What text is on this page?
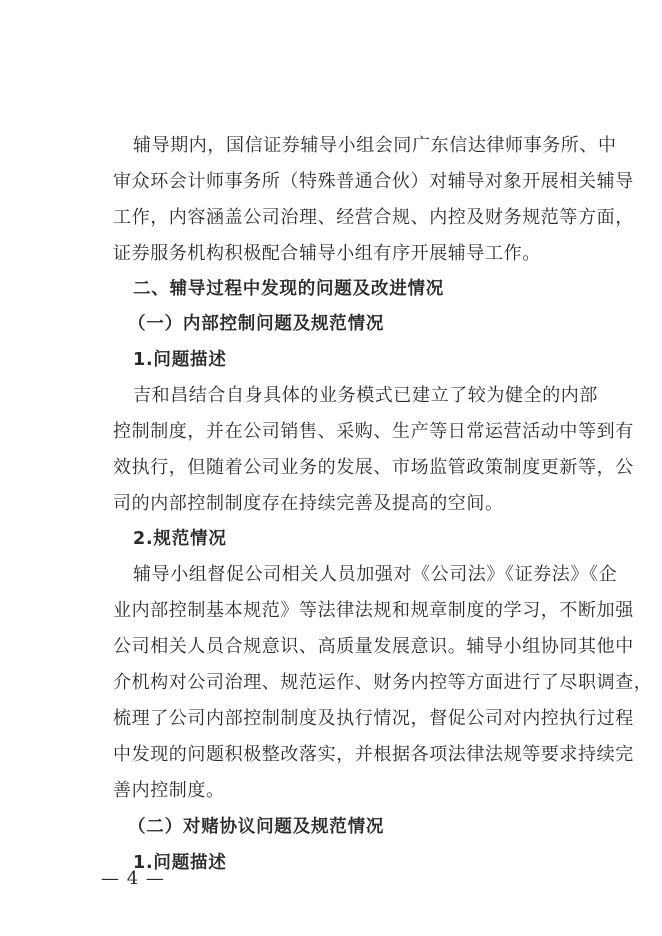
辅导期内，国信证券辅导小组会同广东信达律师事务所、中
审众环会计师事务所（特殊普通合伙）对辅导对象开展相关辅导
工作，内容涵盖公司治理、经营合规、内控及财务规范等方面，
证券服务机构积极配合辅导小组有序开展辅导工作。
二、辅导过程中发现的问题及改进情况
（一）内部控制问题及规范情况
1.问题描述
吉和昌结合自身具体的业务模式已建立了较为健全的内部
控制制度，并在公司销售、采购、生产等日常运营活动中等到有
效执行，但随着公司业务的发展、市场监管政策制度更新等，公
司的内部控制制度存在持续完善及提高的空间。
2.规范情况
辅导小组督促公司相关人员加强对《公司法》《证券法》《企
业内部控制基本规范》等法律法规和规章制度的学习，不断加强
公司相关人员合规意识、高质量发展意识。辅导小组协同其他中
介机构对公司治理、规范运作、财务内控等方面进行了尽职调查，
梳理了公司内部控制制度及执行情况，督促公司对内控执行过程
中发现的问题积极整改落实，并根据各项法律法规等要求持续完
善内控制度。
（二）对赌协议问题及规范情况
1.问题描述
— 4 —
